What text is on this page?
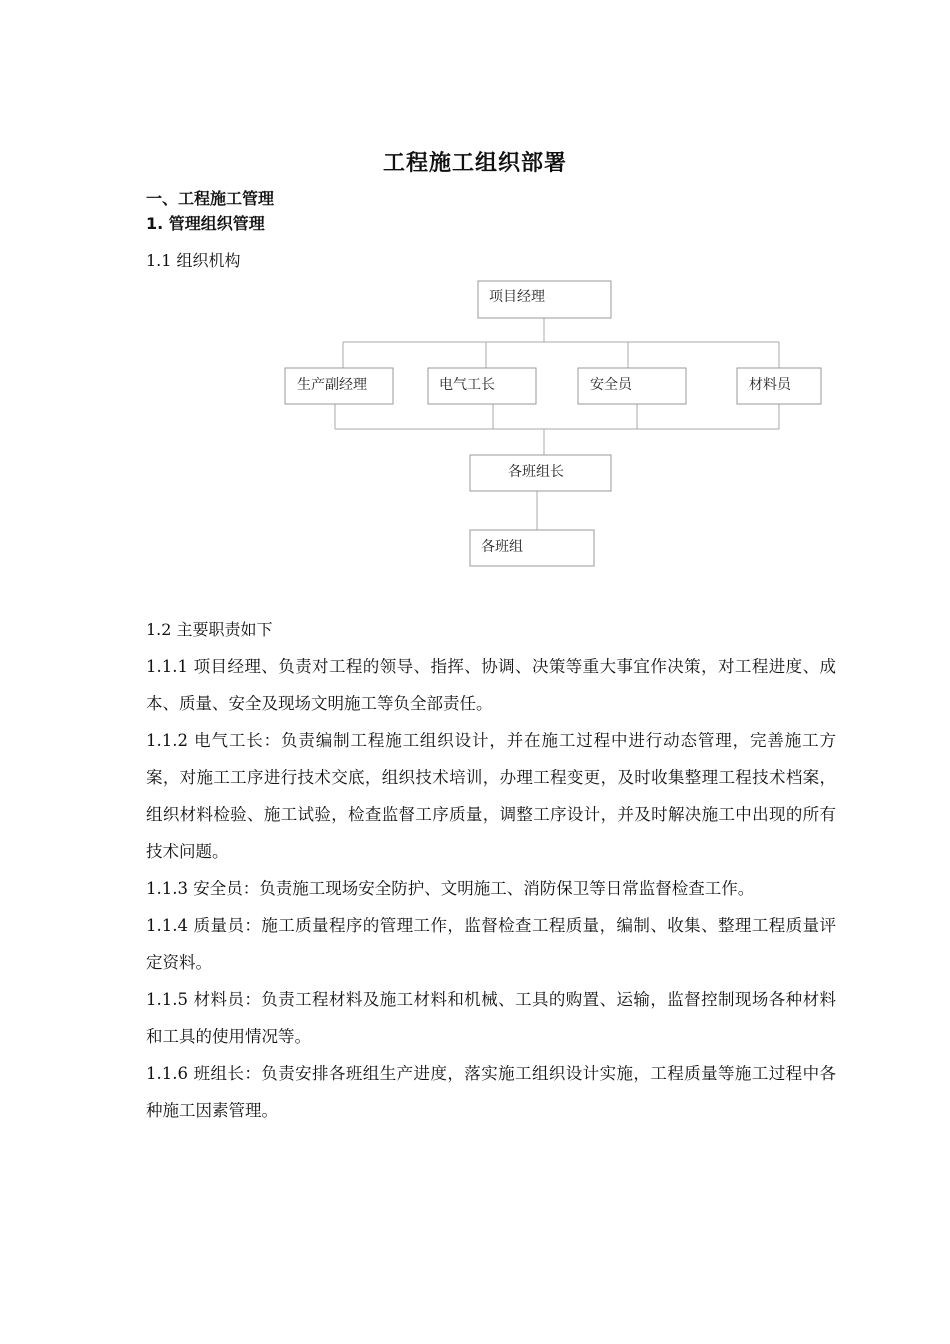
工程施工组织部署
一、工程施工管理
1. 管理组织管理
1.1 组织机构
项目经理
生产副经理	电气工长	安全员	材料员
各班组长
各班组
1.2 主要职责如下

1.1.1 项目经理、负责对工程的领导、指挥、协调、决策等重大事宜作决策，对工程进度、成本、质量、安全及现场文明施工等负全部责任。

1.1.2 电气工长：负责编制工程施工组织设计，并在施工过程中进行动态管理，完善施工方案，对施工工序进行技术交底，组织技术培训，办理工程变更，及时收集整理工程技术档案，组织材料检验、施工试验，检查监督工序质量，调整工序设计，并及时解决施工中出现的所有技术问题。

1.1.3 安全员：负责施工现场安全防护、文明施工、消防保卫等日常监督检查工作。

1.1.4 质量员：施工质量程序的管理工作，监督检查工程质量，编制、收集、整理工程质量评定资料。

1.1.5 材料员：负责工程材料及施工材料和机械、工具的购置、运输，监督控制现场各种材料和工具的使用情况等。

1.1.6 班组长：负责安排各班组生产进度，落实施工组织设计实施，工程质量等施工过程中各种施工因素管理。
